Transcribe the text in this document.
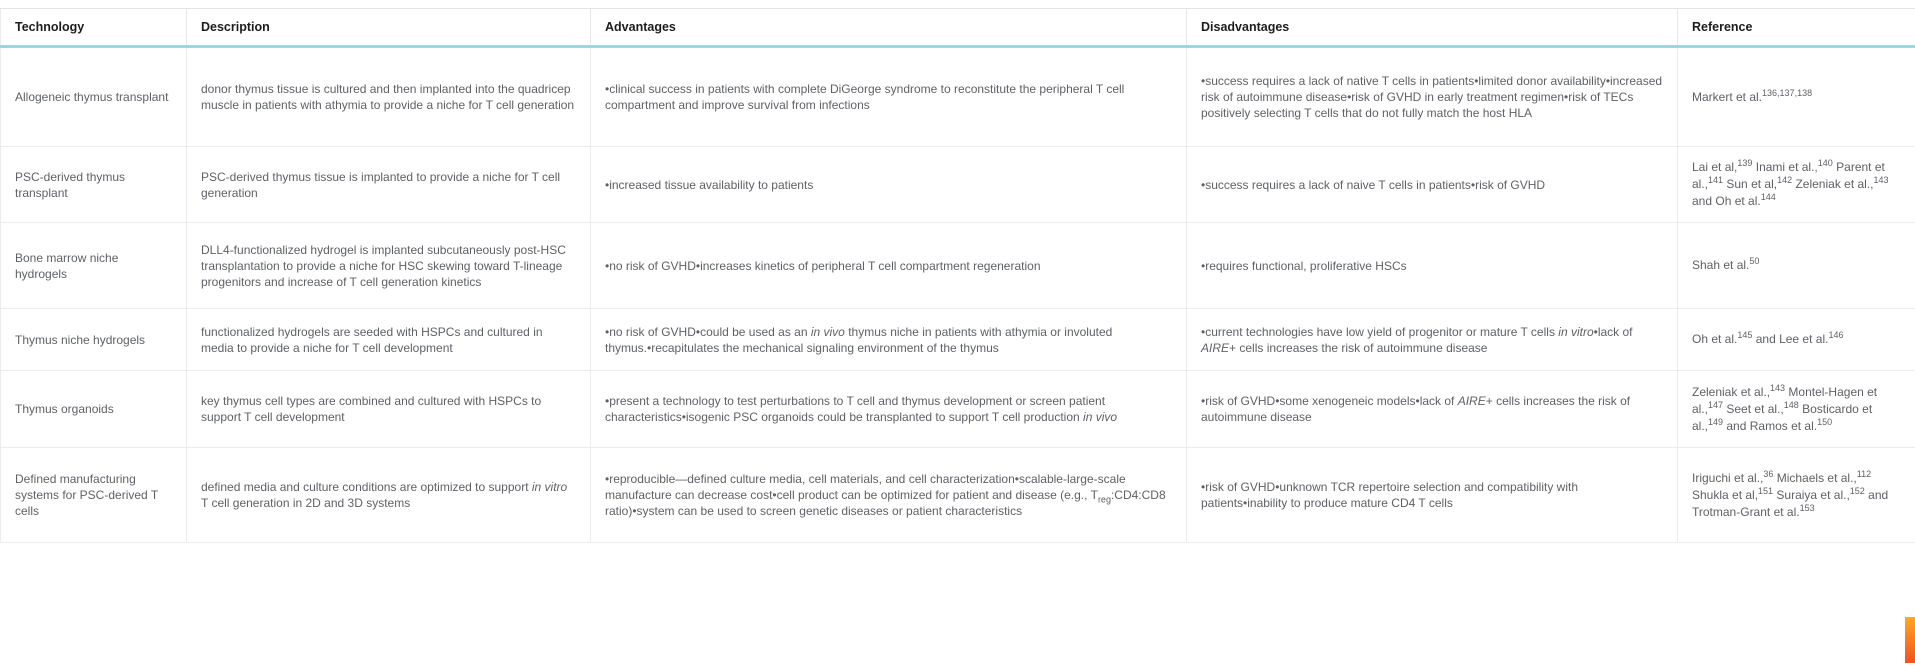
Technology	Description	Advantages	Disadvantages	Reference
Allogeneic thymus transplant	donor thymus tissue is cultured and then implanted into the quadricep muscle in patients with athymia to provide a niche for T cell generation	•clinical success in patients with complete DiGeorge syndrome to reconstitute the peripheral T cell compartment and improve survival from infections	•success requires a lack of native T cells in patients•limited donor availability•increased risk of autoimmune disease•risk of GVHD in early treatment regimen•risk of TECs positively selecting T cells that do not fully match the host HLA	Markert et al.$^{136,137,138}$
PSC-derived thymus transplant	PSC-derived thymus tissue is implanted to provide a niche for T cell generation	•increased tissue availability to patients	•success requires a lack of naive T cells in patients•risk of GVHD	Lai et al,$^{139}$ Inami et al.,$^{140}$ Parent et al.,$^{141}$ Sun et al,$^{142}$ Zeleniak et al.,$^{143}$ and Oh et al.$^{144}$
Bone marrow niche hydrogels	DLL4-functionalized hydrogel is implanted subcutaneously post-HSC transplantation to provide a niche for HSC skewing toward T-lineage progenitors and increase of T cell generation kinetics	•no risk of GVHD•increases kinetics of peripheral T cell compartment regeneration	•requires functional, proliferative HSCs	Shah et al.$^{50}$
Thymus niche hydrogels	functionalized hydrogels are seeded with HSPCs and cultured in media to provide a niche for T cell development	•no risk of GVHD•could be used as an in vivo thymus niche in patients with athymia or involuted thymus.•recapitulates the mechanical signaling environment of the thymus	•current technologies have low yield of progenitor or mature T cells in vitro•lack of AIRE+ cells increases the risk of autoimmune disease	Oh et al.$^{145}$ and Lee et al.$^{146}$
Thymus organoids	key thymus cell types are combined and cultured with HSPCs to support T cell development	•present a technology to test perturbations to T cell and thymus development or screen patient characteristics•isogenic PSC organoids could be transplanted to support T cell production in vivo	•risk of GVHD•some xenogeneic models•lack of AIRE+ cells increases the risk of autoimmune disease	Zeleniak et al.,$^{143}$ Montel-Hagen et al.,$^{147}$ Seet et al.,$^{148}$ Bosticardo et al.,$^{149}$ and Ramos et al.$^{150}$
Defined manufacturing systems for PSC-derived T cells	defined media and culture conditions are optimized to support in vitro T cell generation in 2D and 3D systems	•reproducible—defined culture media, cell materials, and cell characterization•scalable-large-scale manufacture can decrease cost•cell product can be optimized for patient and disease (e.g., $T_{reg}:CD4:CD8$ ratio)•system can be used to screen genetic diseases or patient characteristics	•risk of GVHD•unknown TCR repertoire selection and compatibility with patients•inability to produce mature CD4 T cells	Iriguchi et al.,$^{36}$ Michaels et al.,$^{112}$ Shukla et al,$^{151}$ Suraiya et al.,$^{152}$ and Trotman-Grant et al.$^{153}$
